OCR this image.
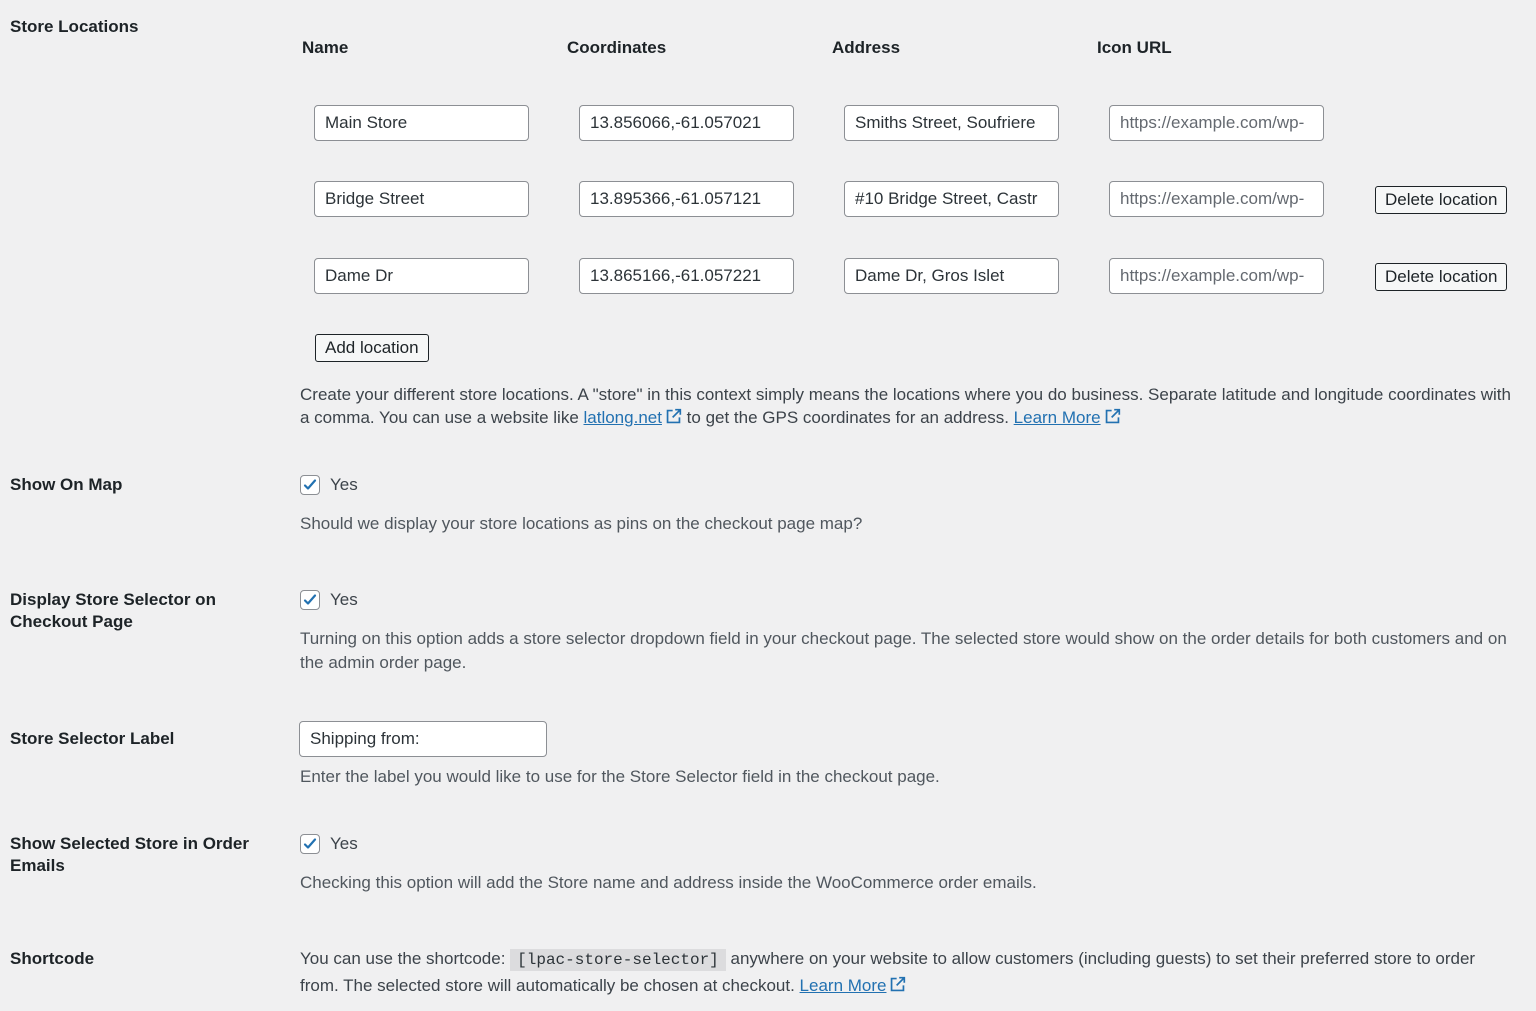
Store Locations
Name	Coordinates	Address	Icon URL
Main Store	13.856066,-61.057021	Smiths Street, Soufriere	https://example.com/wp-
Bridge Street	13.895366,-61.057121	#10 Bridge Street, Castr	https://example.com/wp-	Delete location
Dame Dr	13.865166,-61.057221	Dame Dr, Gros Islet	https://example.com/wp-	Delete location
Add location
Create your different store locations. A "store" in this context simply means the locations where you do business. Separate latitude and longitude coordinates with a comma. You can use a website like latlong.net to get the GPS coordinates for an address. Learn More
Show On Map	Yes
Should we display your store locations as pins on the checkout page map?
Display Store Selector on Checkout Page
Yes
Turning on this option adds a store selector dropdown field in your checkout page. The selected store would show on the order details for both customers and on the admin order page.
Store Selector Label	Shipping from:
Enter the label you would like to use for the Store Selector field in the checkout page.
Show Selected Store in Order Emails
Yes
Checking this option will add the Store name and address inside the WooCommerce order emails.
Shortcode	You can use the shortcode: [lpac-store-selector] anywhere on your website to allow customers (including guests) to set their preferred store to order from. The selected store will automatically be chosen at checkout. Learn More
